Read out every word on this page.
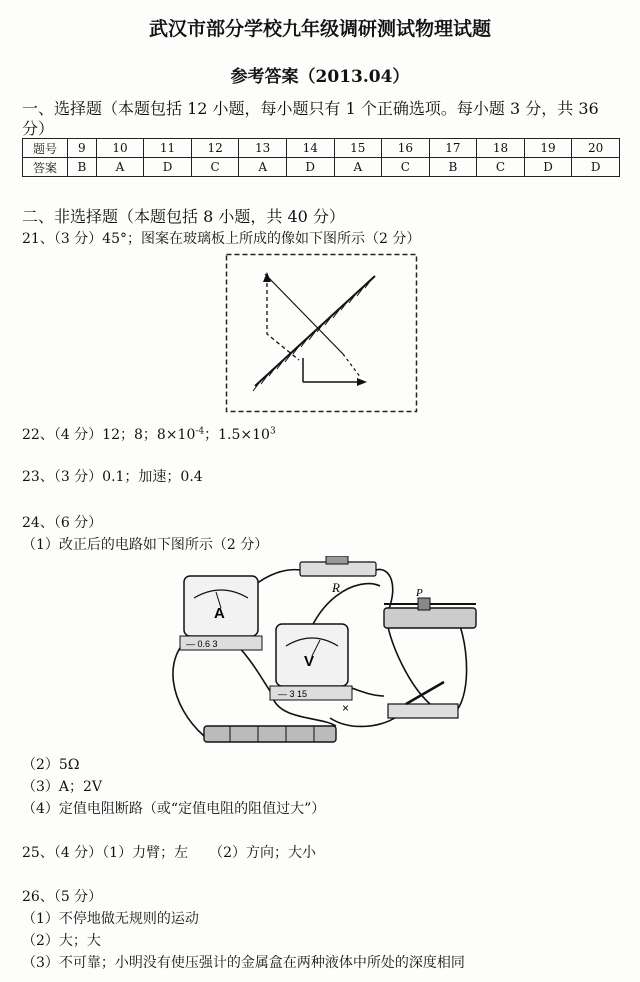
武汉市部分学校九年级调研测试物理试题
参考答案（2013.04）
一、选择题（本题包括 12 小题，每小题只有 1 个正确选项。每小题 3 分，共 36
分）
题号	9	10	11	12	13	14	15	16	17	18	19	20
答案	B	A	D	C	A	D	A	C	B	C	D	D
二、非选择题（本题包括 8 小题，共 40 分）
21、（3 分）45°；图案在玻璃板上所成的像如下图所示（2 分）
22、（4 分）12；8；$8\times 10^{-4}$；$1.5\times 10^3$
23、（3 分）0.1；加速；0.4
24、（6 分）
（1）改正后的电路如下图所示（2 分）
R
A
— 0.6 3
V
— 3 15
P
×
（2）5Ω
（3）A；2V
（4）定值电阻断路（或“定值电阻的阻值过大”）
25、（4 分）（1）力臂；左　　（2）方向；大小
26、（5 分）
（1）不停地做无规则的运动
（2）大；大
（3）不可靠；小明没有使压强计的金属盒在两种液体中所处的深度相同
